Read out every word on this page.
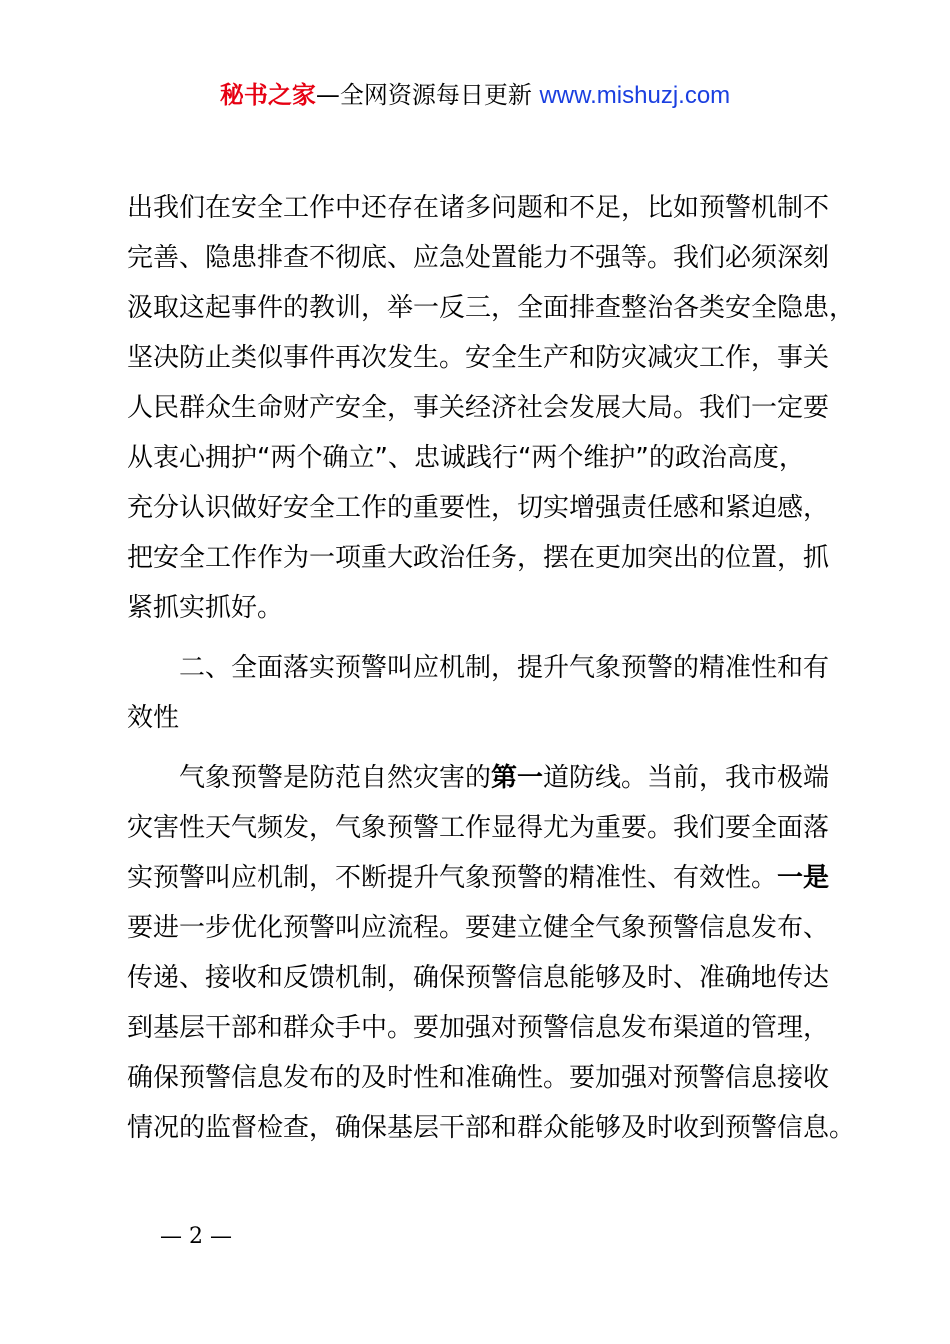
秘书之家—全网资源每日更新 www.mishuzj.com
出我们在安全工作中还存在诸多问题和不足，比如预警机制不
完善、隐患排查不彻底、应急处置能力不强等。我们必须深刻
汲取这起事件的教训，举一反三，全面排查整治各类安全隐患，
坚决防止类似事件再次发生。安全生产和防灾减灾工作，事关
人民群众生命财产安全，事关经济社会发展大局。我们一定要
从衷心拥护“两个确立”、忠诚践行“两个维护”的政治高度，
充分认识做好安全工作的重要性，切实增强责任感和紧迫感，
把安全工作作为一项重大政治任务，摆在更加突出的位置，抓
紧抓实抓好。
二、全面落实预警叫应机制，提升气象预警的精准性和有
效性
气象预警是防范自然灾害的第一道防线。当前，我市极端
灾害性天气频发，气象预警工作显得尤为重要。我们要全面落
实预警叫应机制，不断提升气象预警的精准性、有效性。一是
要进一步优化预警叫应流程。要建立健全气象预警信息发布、
传递、接收和反馈机制，确保预警信息能够及时、准确地传达
到基层干部和群众手中。要加强对预警信息发布渠道的管理，
确保预警信息发布的及时性和准确性。要加强对预警信息接收
情况的监督检查，确保基层干部和群众能够及时收到预警信息。
— 2 —
